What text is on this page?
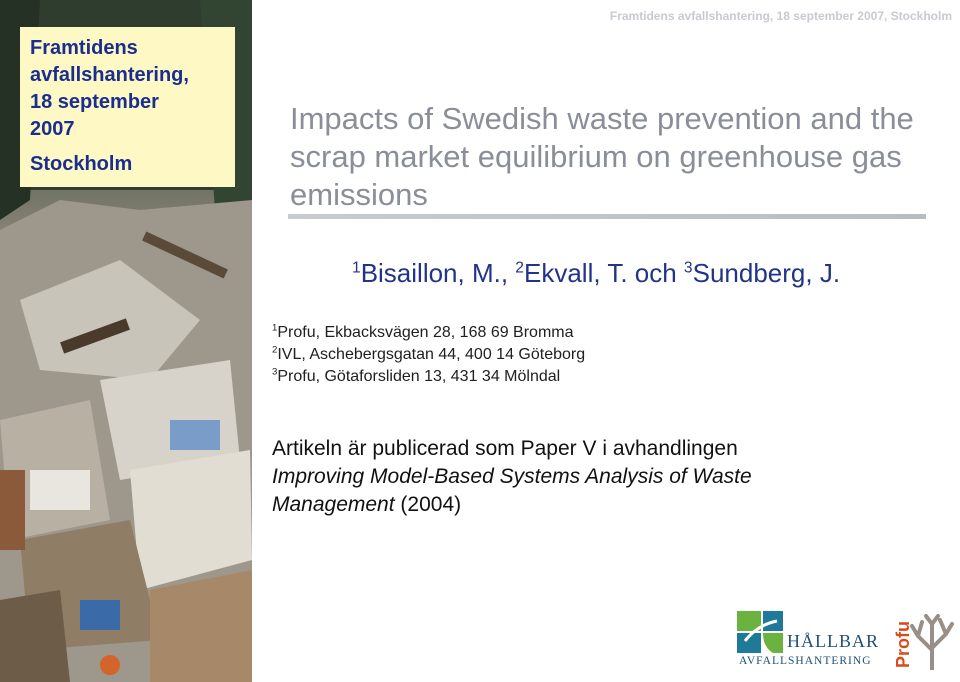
Framtidens
avfallshantering,
18 september
2007
Stockholm
Framtidens avfallshantering, 18 september 2007, Stockholm
Impacts of Swedish waste prevention and the scrap market equilibrium on greenhouse gas emissions
$^1$Bisaillon, M., $^2$Ekvall, T. och $^3$Sundberg, J.
$^1$Profu, Ekbacksvägen 28, 168 69 Bromma
$^2$IVL, Aschebergsgatan 44, 400 14 Göteborg
$^3$Profu, Götaforsliden 13, 431 34 Mölndal
Artikeln är publicerad som Paper V i avhandlingen
Improving Model-Based Systems Analysis of Waste
Management (2004)
HÅLLBAR
AVFALLSHANTERING Profu
